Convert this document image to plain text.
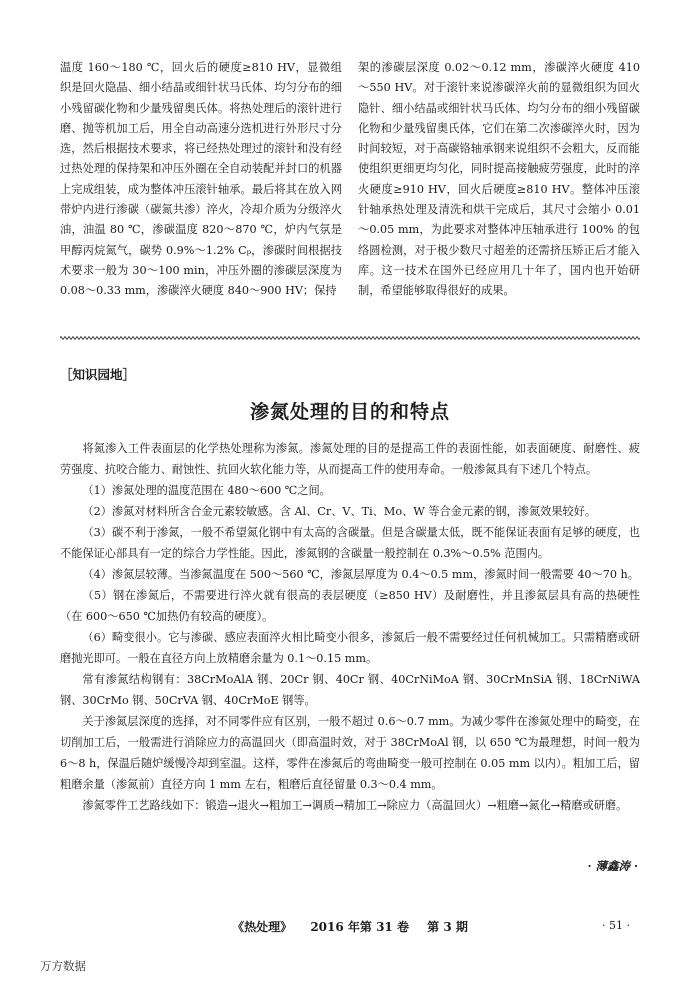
温度 160～180 ℃，回火后的硬度≥810 HV，显微组织是回火隐晶、细小结晶或细针状马氏体、均匀分布的细小残留碳化物和少量残留奥氏体。将热处理后的滚针进行磨、抛等机加工后，用全自动高速分选机进行外形尺寸分选，然后根据技术要求，将已经热处理过的滚针和没有经过热处理的保持架和冲压外圈在全自动装配并封口的机器上完成组装，成为整体冲压滚针轴承。最后将其在放入网带炉内进行渗碳（碳氮共渗）淬火，冷却介质为分级淬火油，油温 80 ℃，渗碳温度 820～870 ℃，炉内气氛是甲醇丙烷氮气，碳势 0.9%～1.2% Cₚ，渗碳时间根据技术要求一般为 30～100 min，冲压外圈的渗碳层深度为 0.08～0.33 mm，渗碳淬火硬度 840～900 HV；保持

架的渗碳层深度 0.02～0.12 mm，渗碳淬火硬度 410～550 HV。对于滚针来说渗碳淬火前的显微组织为回火隐针、细小结晶或细针状马氏体、均匀分布的细小残留碳化物和少量残留奥氏体，它们在第二次渗碳淬火时，因为时间较短，对于高碳铬轴承钢来说组织不会粗大，反而能使组织更细更均匀化，同时提高接触疲劳强度，此时的淬火硬度≥910 HV，回火后硬度≥810 HV。整体冲压滚针轴承热处理及清洗和烘干完成后，其尺寸会缩小 0.01～0.05 mm，为此要求对整体冲压轴承进行 100% 的包络圆检测，对于极少数尺寸超差的还需挤压矫正后才能入库。这一技术在国外已经应用几十年了，国内也开始研制，希望能够取得很好的成果。

［知识园地］
渗氮处理的目的和特点

将氮渗入工件表面层的化学热处理称为渗氮。渗氮处理的目的是提高工件的表面性能，如表面硬度、耐磨性、疲劳强度、抗咬合能力、耐蚀性、抗回火软化能力等，从而提高工件的使用寿命。一般渗氮具有下述几个特点。

（1）渗氮处理的温度范围在 480～600 ℃之间。

（2）渗氮对材料所含合金元素较敏感。含 Al、Cr、V、Ti、Mo、W 等合金元素的钢，渗氮效果较好。

（3）碳不利于渗氮，一般不希望氮化钢中有太高的含碳量。但是含碳量太低，既不能保证表面有足够的硬度，也不能保证心部具有一定的综合力学性能。因此，渗氮钢的含碳量一般控制在 0.3%～0.5% 范围内。

（4）渗氮层较薄。当渗氮温度在 500～560 ℃，渗氮层厚度为 0.4～0.5 mm，渗氮时间一般需要 40～70 h。

（5）钢在渗氮后，不需要进行淬火就有很高的表层硬度（≥850 HV）及耐磨性，并且渗氮层具有高的热硬性（在 600～650 ℃加热仍有较高的硬度）。

（6）畸变很小。它与渗碳、感应表面淬火相比畸变小很多，渗氮后一般不需要经过任何机械加工。只需精磨或研磨抛光即可。一般在直径方向上放精磨余量为 0.1～0.15 mm。

常有渗氮结构钢有：38CrMoAlA 钢、20Cr 钢、40Cr 钢、40CrNiMoA 钢、30CrMnSiA 钢、18CrNiWA 钢、30CrMo 钢、50CrVA 钢、40CrMoE 钢等。

关于渗氮层深度的选择，对不同零件应有区别，一般不超过 0.6～0.7 mm。为减少零件在渗氮处理中的畸变，在切削加工后，一般需进行消除应力的高温回火（即高温时效，对于 38CrMoAl 钢，以 650 ℃为最理想，时间一般为 6～8 h，保温后随炉缓慢冷却到室温。这样，零件在渗氮后的弯曲畸变一般可控制在 0.05 mm 以内）。粗加工后，留粗磨余量（渗氮前）直径方向 1 mm 左右，粗磨后直径留量 0.3～0.4 mm。

渗氮零件工艺路线如下：锻造→退火→粗加工→调质→精加工→除应力（高温回火）→粗磨→氮化→精磨或研磨。

· 薄鑫涛 ·
《热处理》 2016 年第 31 卷 第 3 期	· 51 ·
万方数据
